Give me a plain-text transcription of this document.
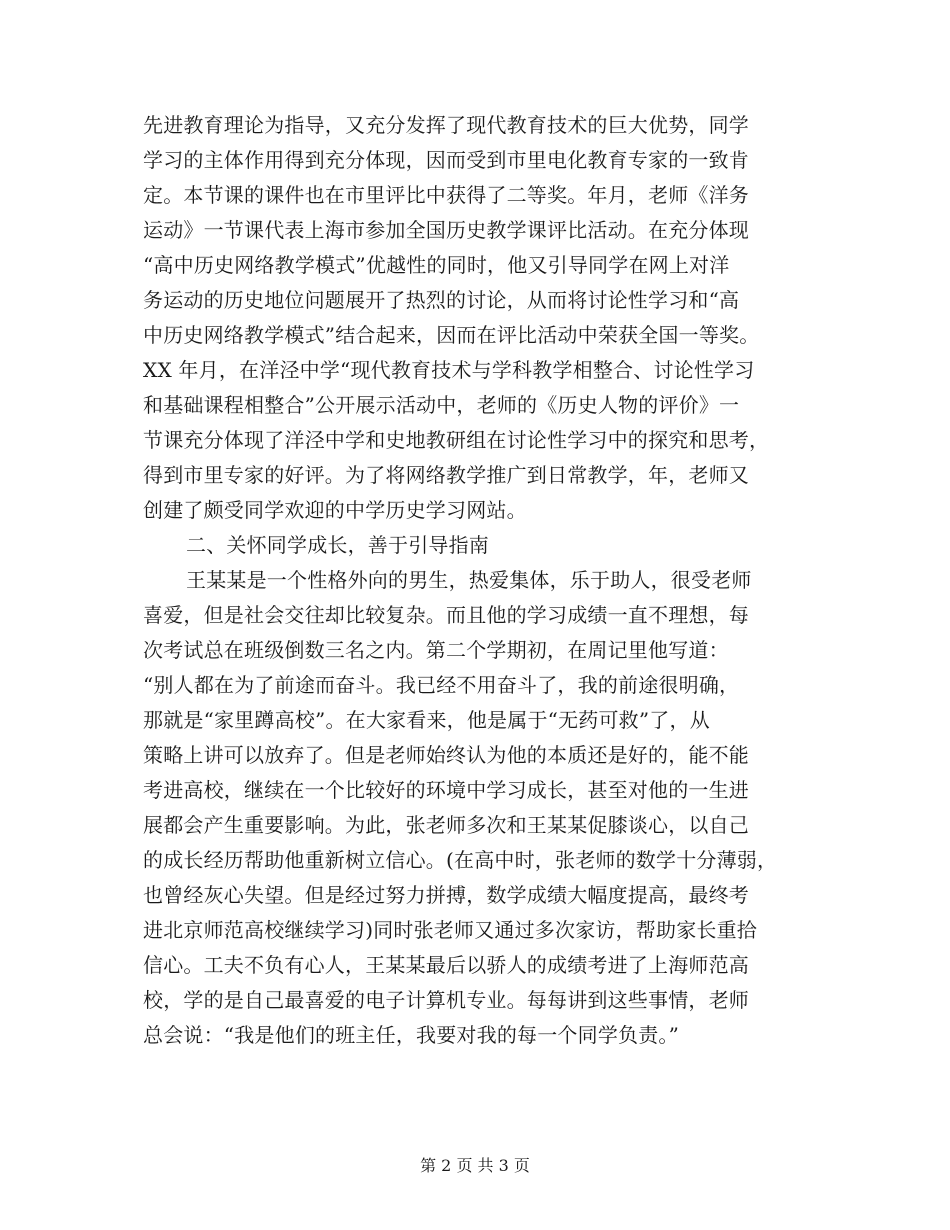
先进教育理论为指导，又充分发挥了现代教育技术的巨大优势，同学
学习的主体作用得到充分体现，因而受到市里电化教育专家的一致肯
定。本节课的课件也在市里评比中获得了二等奖。年月，老师《洋务
运动》一节课代表上海市参加全国历史教学课评比活动。在充分体现
“高中历史网络教学模式”优越性的同时，他又引导同学在网上对洋
务运动的历史地位问题展开了热烈的讨论，从而将讨论性学习和“高
中历史网络教学模式”结合起来，因而在评比活动中荣获全国一等奖。
XX 年月，在洋泾中学“现代教育技术与学科教学相整合、讨论性学习
和基础课程相整合”公开展示活动中，老师的《历史人物的评价》一
节课充分体现了洋泾中学和史地教研组在讨论性学习中的探究和思考，
得到市里专家的好评。为了将网络教学推广到日常教学，年，老师又
创建了颇受同学欢迎的中学历史学习网站。
二、关怀同学成长，善于引导指南
王某某是一个性格外向的男生，热爱集体，乐于助人，很受老师
喜爱，但是社会交往却比较复杂。而且他的学习成绩一直不理想，每
次考试总在班级倒数三名之内。第二个学期初，在周记里他写道：
“别人都在为了前途而奋斗。我已经不用奋斗了，我的前途很明确，
那就是“家里蹲高校”。在大家看来，他是属于“无药可救”了，从
策略上讲可以放弃了。但是老师始终认为他的本质还是好的，能不能
考进高校，继续在一个比较好的环境中学习成长，甚至对他的一生进
展都会产生重要影响。为此，张老师多次和王某某促膝谈心，以自己
的成长经历帮助他重新树立信心。(在高中时，张老师的数学十分薄弱，
也曾经灰心失望。但是经过努力拼搏，数学成绩大幅度提高，最终考
进北京师范高校继续学习)同时张老师又通过多次家访，帮助家长重拾
信心。工夫不负有心人，王某某最后以骄人的成绩考进了上海师范高
校，学的是自己最喜爱的电子计算机专业。每每讲到这些事情，老师
总会说：“我是他们的班主任，我要对我的每一个同学负责。”
第 2 页 共 3 页
